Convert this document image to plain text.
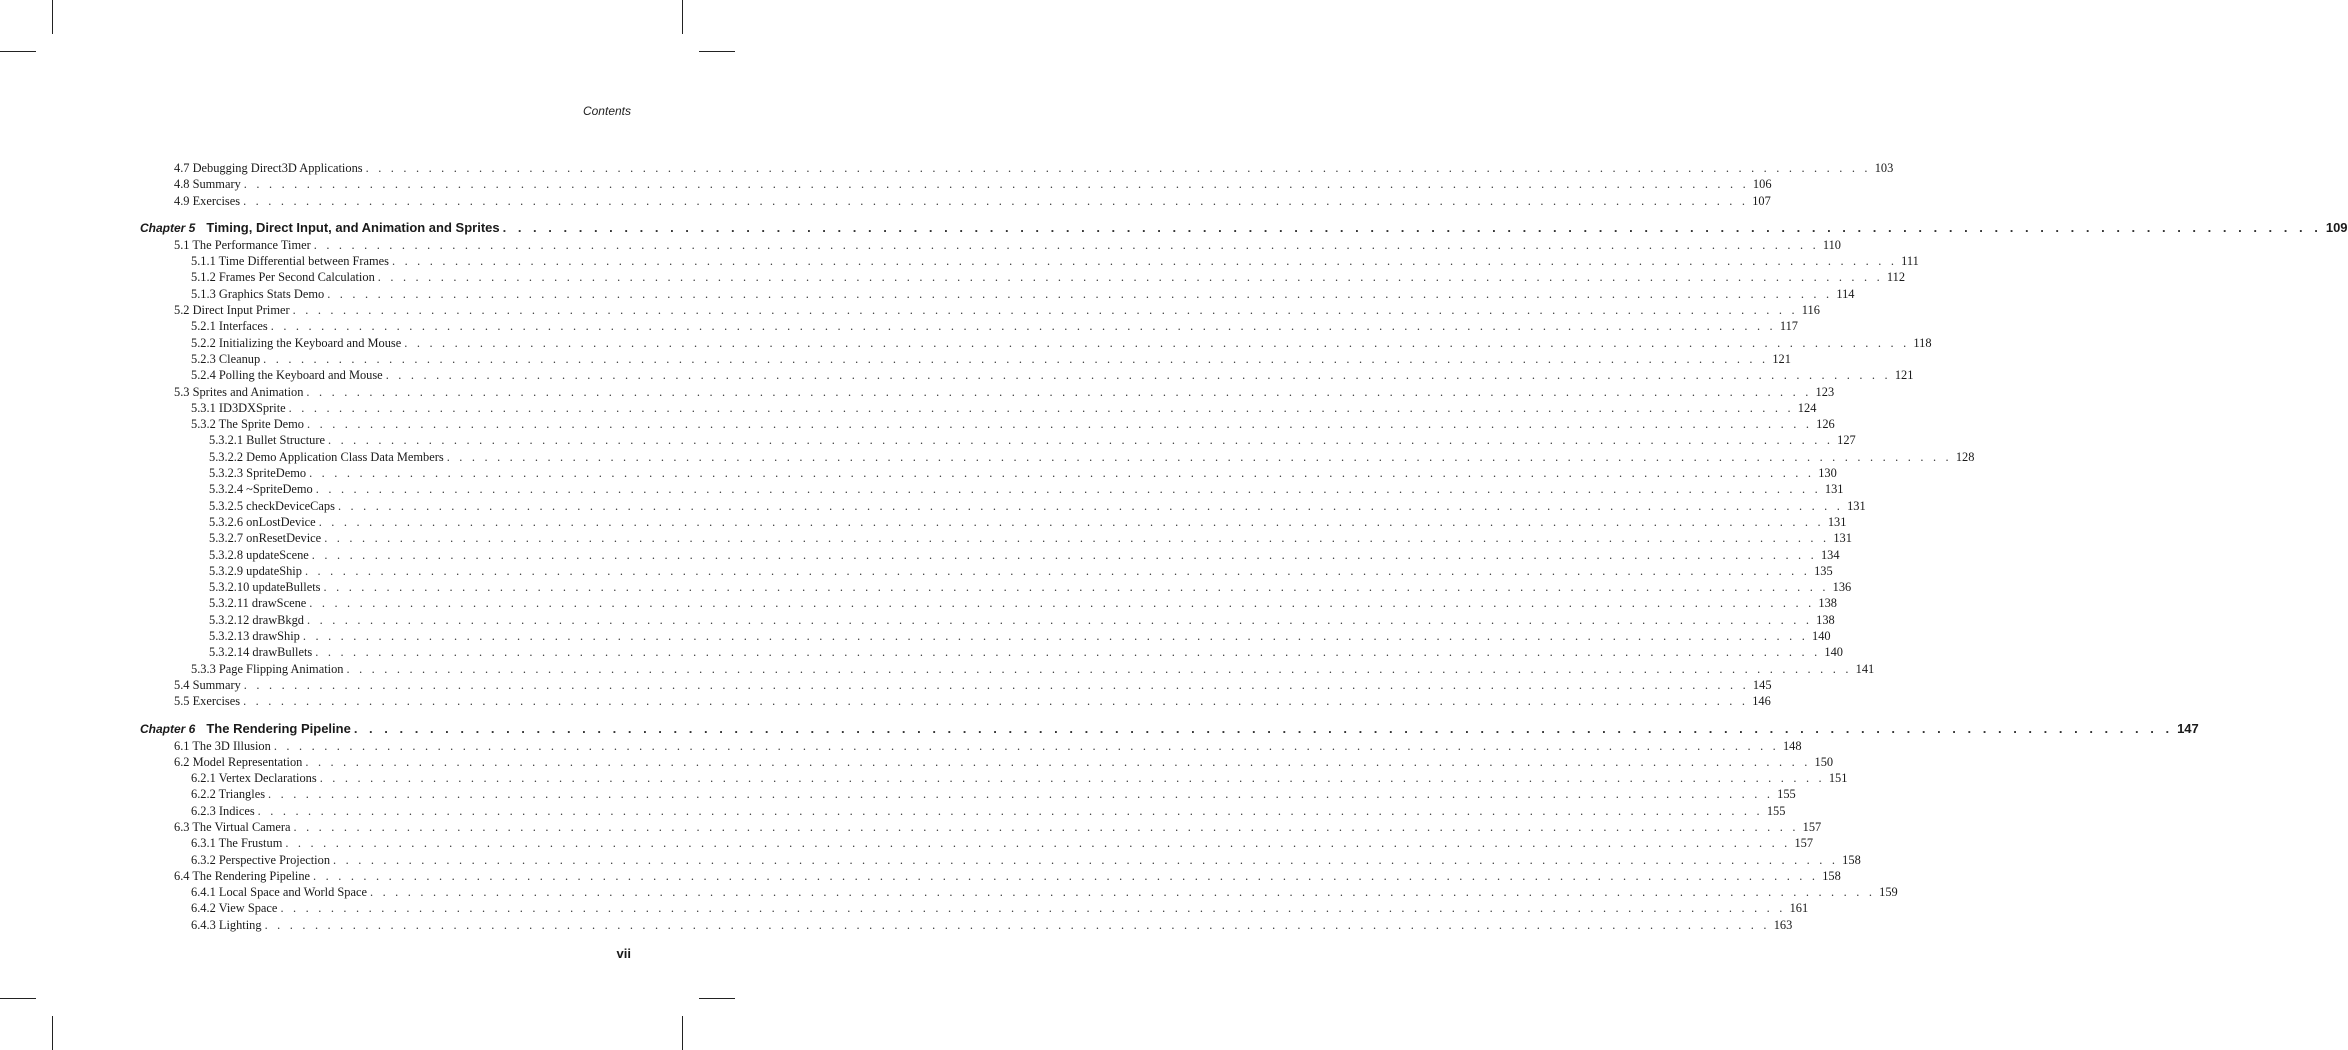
Contents
4.7 Debugging Direct3D Applications . . . . . . . . . . . . . . . . . . . . . . . . . . . . . . . . . . . . . . . . . . . . . . . . . . . . . . . . . . . . . . . . . . . . . . . . . . . . . . . . . . . . . . . . . . . . . . . . . . . . . . . . . . . . . . . . . . . . . . . . 103
4.8 Summary . . . . . . . . . . . . . . . . . . . . . . . . . . . . . . . . . . . . . . . . . . . . . . . . . . . . . . . . . . . . . . . . . . . . . . . . . . . . . . . . . . . . . . . . . . . . . . . . . . . . . . . . . . . . . . . . . . . . . . . . 106
4.9 Exercises . . . . . . . . . . . . . . . . . . . . . . . . . . . . . . . . . . . . . . . . . . . . . . . . . . . . . . . . . . . . . . . . . . . . . . . . . . . . . . . . . . . . . . . . . . . . . . . . . . . . . . . . . . . . . . . . . . . . . . . . 107
Chapter 5 Timing, Direct Input, and Animation and Sprites . . . . . . . . . . . . . . . . . . . . . . . . . . . . . . . . . . . . . . . . . . . . . . . . . . . . . . . . . . . . . . . . . . . . . . . . . . . . . . . . . . . . . . . . . . . . . . . . . . . . . . . . . . . . . . . . . . . . . . . . 109
5.1 The Performance Timer . . . . . . . . . . . . . . . . . . . . . . . . . . . . . . . . . . . . . . . . . . . . . . . . . . . . . . . . . . . . . . . . . . . . . . . . . . . . . . . . . . . . . . . . . . . . . . . . . . . . . . . . . . . . . . . . . . . . . . . . 110
5.1.1 Time Differential between Frames . . . . . . . . . . . . . . . . . . . . . . . . . . . . . . . . . . . . . . . . . . . . . . . . . . . . . . . . . . . . . . . . . . . . . . . . . . . . . . . . . . . . . . . . . . . . . . . . . . . . . . . . . . . . . . . . . . . . . . . . 111
5.1.2 Frames Per Second Calculation . . . . . . . . . . . . . . . . . . . . . . . . . . . . . . . . . . . . . . . . . . . . . . . . . . . . . . . . . . . . . . . . . . . . . . . . . . . . . . . . . . . . . . . . . . . . . . . . . . . . . . . . . . . . . . . . . . . . . . . . 112
5.1.3 Graphics Stats Demo . . . . . . . . . . . . . . . . . . . . . . . . . . . . . . . . . . . . . . . . . . . . . . . . . . . . . . . . . . . . . . . . . . . . . . . . . . . . . . . . . . . . . . . . . . . . . . . . . . . . . . . . . . . . . . . . . . . . . . . . 114
5.2 Direct Input Primer . . . . . . . . . . . . . . . . . . . . . . . . . . . . . . . . . . . . . . . . . . . . . . . . . . . . . . . . . . . . . . . . . . . . . . . . . . . . . . . . . . . . . . . . . . . . . . . . . . . . . . . . . . . . . . . . . . . . . . . . 116
5.2.1 Interfaces . . . . . . . . . . . . . . . . . . . . . . . . . . . . . . . . . . . . . . . . . . . . . . . . . . . . . . . . . . . . . . . . . . . . . . . . . . . . . . . . . . . . . . . . . . . . . . . . . . . . . . . . . . . . . . . . . . . . . . . . 117
5.2.2 Initializing the Keyboard and Mouse . . . . . . . . . . . . . . . . . . . . . . . . . . . . . . . . . . . . . . . . . . . . . . . . . . . . . . . . . . . . . . . . . . . . . . . . . . . . . . . . . . . . . . . . . . . . . . . . . . . . . . . . . . . . . . . . . . . . . . . . 118
5.2.3 Cleanup . . . . . . . . . . . . . . . . . . . . . . . . . . . . . . . . . . . . . . . . . . . . . . . . . . . . . . . . . . . . . . . . . . . . . . . . . . . . . . . . . . . . . . . . . . . . . . . . . . . . . . . . . . . . . . . . . . . . . . . . 121
5.2.4 Polling the Keyboard and Mouse . . . . . . . . . . . . . . . . . . . . . . . . . . . . . . . . . . . . . . . . . . . . . . . . . . . . . . . . . . . . . . . . . . . . . . . . . . . . . . . . . . . . . . . . . . . . . . . . . . . . . . . . . . . . . . . . . . . . . . . . 121
5.3 Sprites and Animation . . . . . . . . . . . . . . . . . . . . . . . . . . . . . . . . . . . . . . . . . . . . . . . . . . . . . . . . . . . . . . . . . . . . . . . . . . . . . . . . . . . . . . . . . . . . . . . . . . . . . . . . . . . . . . . . . . . . . . . . 123
5.3.1 ID3DXSprite . . . . . . . . . . . . . . . . . . . . . . . . . . . . . . . . . . . . . . . . . . . . . . . . . . . . . . . . . . . . . . . . . . . . . . . . . . . . . . . . . . . . . . . . . . . . . . . . . . . . . . . . . . . . . . . . . . . . . . . . 124
5.3.2 The Sprite Demo . . . . . . . . . . . . . . . . . . . . . . . . . . . . . . . . . . . . . . . . . . . . . . . . . . . . . . . . . . . . . . . . . . . . . . . . . . . . . . . . . . . . . . . . . . . . . . . . . . . . . . . . . . . . . . . . . . . . . . . . 126
5.3.2.1 Bullet Structure . . . . . . . . . . . . . . . . . . . . . . . . . . . . . . . . . . . . . . . . . . . . . . . . . . . . . . . . . . . . . . . . . . . . . . . . . . . . . . . . . . . . . . . . . . . . . . . . . . . . . . . . . . . . . . . . . . . . . . . . 127
5.3.2.2 Demo Application Class Data Members . . . . . . . . . . . . . . . . . . . . . . . . . . . . . . . . . . . . . . . . . . . . . . . . . . . . . . . . . . . . . . . . . . . . . . . . . . . . . . . . . . . . . . . . . . . . . . . . . . . . . . . . . . . . . . . . . . . . . . . . 128
5.3.2.3 SpriteDemo . . . . . . . . . . . . . . . . . . . . . . . . . . . . . . . . . . . . . . . . . . . . . . . . . . . . . . . . . . . . . . . . . . . . . . . . . . . . . . . . . . . . . . . . . . . . . . . . . . . . . . . . . . . . . . . . . . . . . . . . 130
5.3.2.4 ~SpriteDemo . . . . . . . . . . . . . . . . . . . . . . . . . . . . . . . . . . . . . . . . . . . . . . . . . . . . . . . . . . . . . . . . . . . . . . . . . . . . . . . . . . . . . . . . . . . . . . . . . . . . . . . . . . . . . . . . . . . . . . . . 131
5.3.2.5 checkDeviceCaps . . . . . . . . . . . . . . . . . . . . . . . . . . . . . . . . . . . . . . . . . . . . . . . . . . . . . . . . . . . . . . . . . . . . . . . . . . . . . . . . . . . . . . . . . . . . . . . . . . . . . . . . . . . . . . . . . . . . . . . . 131
5.3.2.6 onLostDevice . . . . . . . . . . . . . . . . . . . . . . . . . . . . . . . . . . . . . . . . . . . . . . . . . . . . . . . . . . . . . . . . . . . . . . . . . . . . . . . . . . . . . . . . . . . . . . . . . . . . . . . . . . . . . . . . . . . . . . . . 131
5.3.2.7 onResetDevice . . . . . . . . . . . . . . . . . . . . . . . . . . . . . . . . . . . . . . . . . . . . . . . . . . . . . . . . . . . . . . . . . . . . . . . . . . . . . . . . . . . . . . . . . . . . . . . . . . . . . . . . . . . . . . . . . . . . . . . . 131
5.3.2.8 updateScene . . . . . . . . . . . . . . . . . . . . . . . . . . . . . . . . . . . . . . . . . . . . . . . . . . . . . . . . . . . . . . . . . . . . . . . . . . . . . . . . . . . . . . . . . . . . . . . . . . . . . . . . . . . . . . . . . . . . . . . . 134
5.3.2.9 updateShip . . . . . . . . . . . . . . . . . . . . . . . . . . . . . . . . . . . . . . . . . . . . . . . . . . . . . . . . . . . . . . . . . . . . . . . . . . . . . . . . . . . . . . . . . . . . . . . . . . . . . . . . . . . . . . . . . . . . . . . . 135
5.3.2.10 updateBullets . . . . . . . . . . . . . . . . . . . . . . . . . . . . . . . . . . . . . . . . . . . . . . . . . . . . . . . . . . . . . . . . . . . . . . . . . . . . . . . . . . . . . . . . . . . . . . . . . . . . . . . . . . . . . . . . . . . . . . . . 136
5.3.2.11 drawScene . . . . . . . . . . . . . . . . . . . . . . . . . . . . . . . . . . . . . . . . . . . . . . . . . . . . . . . . . . . . . . . . . . . . . . . . . . . . . . . . . . . . . . . . . . . . . . . . . . . . . . . . . . . . . . . . . . . . . . . . 138
5.3.2.12 drawBkgd . . . . . . . . . . . . . . . . . . . . . . . . . . . . . . . . . . . . . . . . . . . . . . . . . . . . . . . . . . . . . . . . . . . . . . . . . . . . . . . . . . . . . . . . . . . . . . . . . . . . . . . . . . . . . . . . . . . . . . . . 138
5.3.2.13 drawShip . . . . . . . . . . . . . . . . . . . . . . . . . . . . . . . . . . . . . . . . . . . . . . . . . . . . . . . . . . . . . . . . . . . . . . . . . . . . . . . . . . . . . . . . . . . . . . . . . . . . . . . . . . . . . . . . . . . . . . . . 140
5.3.2.14 drawBullets . . . . . . . . . . . . . . . . . . . . . . . . . . . . . . . . . . . . . . . . . . . . . . . . . . . . . . . . . . . . . . . . . . . . . . . . . . . . . . . . . . . . . . . . . . . . . . . . . . . . . . . . . . . . . . . . . . . . . . . . 140
5.3.3 Page Flipping Animation . . . . . . . . . . . . . . . . . . . . . . . . . . . . . . . . . . . . . . . . . . . . . . . . . . . . . . . . . . . . . . . . . . . . . . . . . . . . . . . . . . . . . . . . . . . . . . . . . . . . . . . . . . . . . . . . . . . . . . . . 141
5.4 Summary . . . . . . . . . . . . . . . . . . . . . . . . . . . . . . . . . . . . . . . . . . . . . . . . . . . . . . . . . . . . . . . . . . . . . . . . . . . . . . . . . . . . . . . . . . . . . . . . . . . . . . . . . . . . . . . . . . . . . . . . 145
5.5 Exercises . . . . . . . . . . . . . . . . . . . . . . . . . . . . . . . . . . . . . . . . . . . . . . . . . . . . . . . . . . . . . . . . . . . . . . . . . . . . . . . . . . . . . . . . . . . . . . . . . . . . . . . . . . . . . . . . . . . . . . . . 146
Chapter 6 The Rendering Pipeline . . . . . . . . . . . . . . . . . . . . . . . . . . . . . . . . . . . . . . . . . . . . . . . . . . . . . . . . . . . . . . . . . . . . . . . . . . . . . . . . . . . . . . . . . . . . . . . . . . . . . . . . . . . . . . . . . . . . . . . . 147
6.1 The 3D Illusion . . . . . . . . . . . . . . . . . . . . . . . . . . . . . . . . . . . . . . . . . . . . . . . . . . . . . . . . . . . . . . . . . . . . . . . . . . . . . . . . . . . . . . . . . . . . . . . . . . . . . . . . . . . . . . . . . . . . . . . . 148
6.2 Model Representation . . . . . . . . . . . . . . . . . . . . . . . . . . . . . . . . . . . . . . . . . . . . . . . . . . . . . . . . . . . . . . . . . . . . . . . . . . . . . . . . . . . . . . . . . . . . . . . . . . . . . . . . . . . . . . . . . . . . . . . . 150
6.2.1 Vertex Declarations . . . . . . . . . . . . . . . . . . . . . . . . . . . . . . . . . . . . . . . . . . . . . . . . . . . . . . . . . . . . . . . . . . . . . . . . . . . . . . . . . . . . . . . . . . . . . . . . . . . . . . . . . . . . . . . . . . . . . . . . 151
6.2.2 Triangles . . . . . . . . . . . . . . . . . . . . . . . . . . . . . . . . . . . . . . . . . . . . . . . . . . . . . . . . . . . . . . . . . . . . . . . . . . . . . . . . . . . . . . . . . . . . . . . . . . . . . . . . . . . . . . . . . . . . . . . . 155
6.2.3 Indices . . . . . . . . . . . . . . . . . . . . . . . . . . . . . . . . . . . . . . . . . . . . . . . . . . . . . . . . . . . . . . . . . . . . . . . . . . . . . . . . . . . . . . . . . . . . . . . . . . . . . . . . . . . . . . . . . . . . . . . . 155
6.3 The Virtual Camera . . . . . . . . . . . . . . . . . . . . . . . . . . . . . . . . . . . . . . . . . . . . . . . . . . . . . . . . . . . . . . . . . . . . . . . . . . . . . . . . . . . . . . . . . . . . . . . . . . . . . . . . . . . . . . . . . . . . . . . . 157
6.3.1 The Frustum . . . . . . . . . . . . . . . . . . . . . . . . . . . . . . . . . . . . . . . . . . . . . . . . . . . . . . . . . . . . . . . . . . . . . . . . . . . . . . . . . . . . . . . . . . . . . . . . . . . . . . . . . . . . . . . . . . . . . . . . 157
6.3.2 Perspective Projection . . . . . . . . . . . . . . . . . . . . . . . . . . . . . . . . . . . . . . . . . . . . . . . . . . . . . . . . . . . . . . . . . . . . . . . . . . . . . . . . . . . . . . . . . . . . . . . . . . . . . . . . . . . . . . . . . . . . . . . . 158
6.4 The Rendering Pipeline . . . . . . . . . . . . . . . . . . . . . . . . . . . . . . . . . . . . . . . . . . . . . . . . . . . . . . . . . . . . . . . . . . . . . . . . . . . . . . . . . . . . . . . . . . . . . . . . . . . . . . . . . . . . . . . . . . . . . . . . 158
6.4.1 Local Space and World Space . . . . . . . . . . . . . . . . . . . . . . . . . . . . . . . . . . . . . . . . . . . . . . . . . . . . . . . . . . . . . . . . . . . . . . . . . . . . . . . . . . . . . . . . . . . . . . . . . . . . . . . . . . . . . . . . . . . . . . . . 159
6.4.2 View Space . . . . . . . . . . . . . . . . . . . . . . . . . . . . . . . . . . . . . . . . . . . . . . . . . . . . . . . . . . . . . . . . . . . . . . . . . . . . . . . . . . . . . . . . . . . . . . . . . . . . . . . . . . . . . . . . . . . . . . . . 161
6.4.3 Lighting . . . . . . . . . . . . . . . . . . . . . . . . . . . . . . . . . . . . . . . . . . . . . . . . . . . . . . . . . . . . . . . . . . . . . . . . . . . . . . . . . . . . . . . . . . . . . . . . . . . . . . . . . . . . . . . . . . . . . . . . 163
vii
